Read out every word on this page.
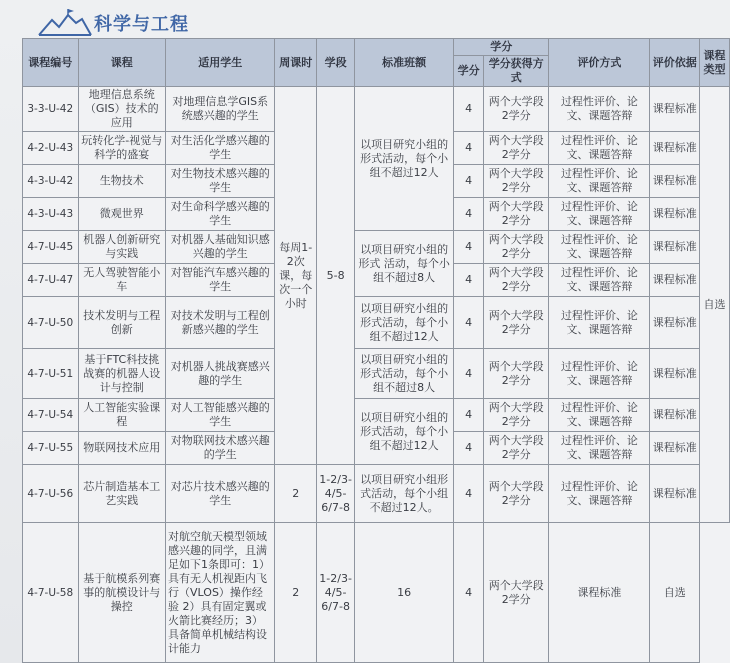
科学与工程
课程编号	课程	适用学生	周课时	学段	标准班额	学分		评价方式	评价依据	课程类型
						学分	学分获得方式			
3-3-U-42	地理信息系统（GIS）技术的应用	对地理信息学GIS系统感兴趣的学生	每周1-2次课，每次一个小时	5-8	以项目研究小组的形式活动，每个小组不超过12人	4	两个大学段2学分	过程性评价、论文、课题答辩	课程标准	自选
4-2-U-43	玩转化学-视觉与科学的盛宴	对生活化学感兴趣的学生				4	两个大学段2学分	过程性评价、论文、课题答辩	课程标准	
4-3-U-42	生物技术	对生物技术感兴趣的学生				4	两个大学段2学分	过程性评价、论文、课题答辩	课程标准	
4-3-U-43	微观世界	对生命科学感兴趣的学生				4	两个大学段2学分	过程性评价、论文、课题答辩	课程标准	
4-7-U-45	机器人创新研究与实践	对机器人基础知识感兴趣的学生			以项目研究小组的形式 活动，每个小组不超过8人	4	两个大学段2学分	过程性评价、论文、课题答辩	课程标准	
4-7-U-47	无人驾驶智能小车	对智能汽车感兴趣的学生				4	两个大学段2学分	过程性评价、论文、课题答辩	课程标准	
4-7-U-50	技术发明与工程创新	对技术发明与工程创新感兴趣的学生			以项目研究小组的形式活动，每个小组不超过12人	4	两个大学段2学分	过程性评价、论文、课题答辩	课程标准	
4-7-U-51	基于FTC科技挑战赛的机器人设计与控制	对机器人挑战赛感兴趣的学生			以项目研究小组的形式活动，每个小组不超过8人	4	两个大学段2学分	过程性评价、论文、课题答辩	课程标准	
4-7-U-54	人工智能实验课程	对人工智能感兴趣的学生			以项目研究小组的形式活动，每个小组不超过12人	4	两个大学段2学分	过程性评价、论文、课题答辩	课程标准	
4-7-U-55	物联网技术应用	对物联网技术感兴趣的学生				4	两个大学段2学分	过程性评价、论文、课题答辩	课程标准	
4-7-U-56	芯片制造基本工艺实践	对芯片技术感兴趣的学生	2	1-2/3-4/5-6/7-8	以项目研究小组形式活动，每个小组不超过12人。	4	两个大学段2学分	过程性评价、论文、课题答辩	课程标准	
4-7-U-58	基于航模系列赛事的航模设计与操控	对航空航天模型领域感兴趣的同学，且满足如下1条即可：1）具有无人机视距内飞行（VLOS）操作经验 2）具有固定翼或火箭比赛经历；3）具备简单机械结构设计能力	2	1-2/3-4/5-6/7-8	16	4	两个大学段2学分	课程标准	自选	
